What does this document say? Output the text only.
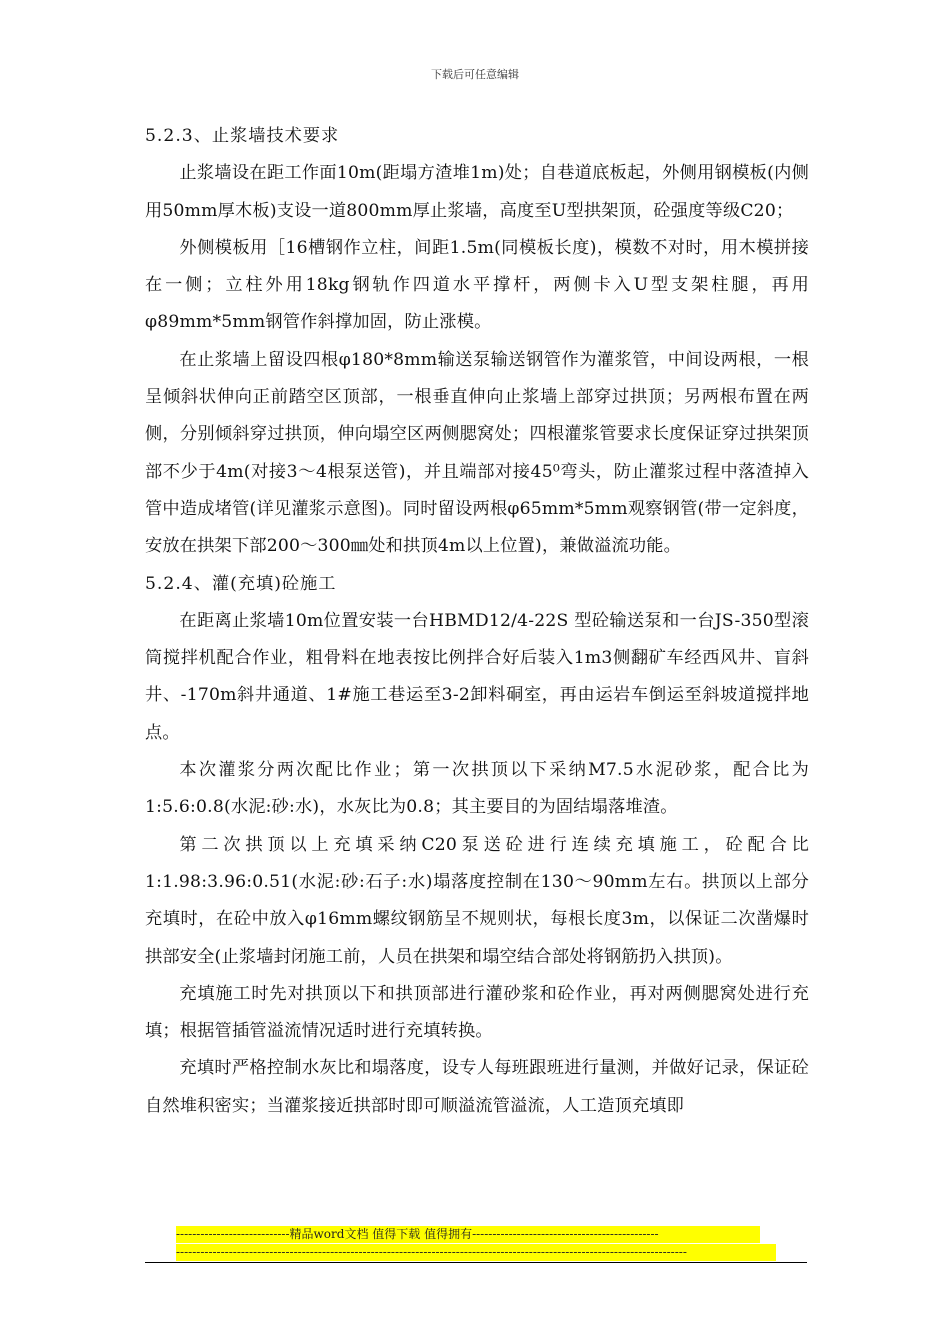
下载后可任意编辑

5.2.3、止浆墙技术要求

止浆墙设在距工作面10m(距塌方渣堆1m)处；自巷道底板起，外侧用钢模板(内侧用50mm厚木板)支设一道800mm厚止浆墙，高度至U型拱架顶，砼强度等级C20；

外侧模板用［16槽钢作立柱，间距1.5m(同模板长度)，模数不对时，用木模拼接在一侧；立柱外用18kg钢轨作四道水平撑杆，两侧卡入U型支架柱腿，再用φ89mm*5mm钢管作斜撑加固，防止涨模。

在止浆墙上留设四根φ180*8mm输送泵输送钢管作为灌浆管，中间设两根，一根呈倾斜状伸向正前踏空区顶部，一根垂直伸向止浆墙上部穿过拱顶；另两根布置在两侧，分别倾斜穿过拱顶，伸向塌空区两侧腮窝处；四根灌浆管要求长度保证穿过拱架顶部不少于4m(对接3～4根泵送管)，并且端部对接45⁰弯头，防止灌浆过程中落渣掉入管中造成堵管(详见灌浆示意图)。同时留设两根φ65mm*5mm观察钢管(带一定斜度，安放在拱架下部200～300㎜处和拱顶4m以上位置)，兼做溢流功能。

5.2.4、灌(充填)砼施工

在距离止浆墙10m位置安装一台HBMD12/4-22S 型砼输送泵和一台JS-350型滚筒搅拌机配合作业，粗骨料在地表按比例拌合好后装入1m3侧翻矿车经西风井、盲斜井、-170m斜井通道、1#施工巷运至3-2卸料硐室，再由运岩车倒运至斜坡道搅拌地点。

本次灌浆分两次配比作业；第一次拱顶以下采纳M7.5水泥砂浆，配合比为1:5.6:0.8(水泥:砂:水)，水灰比为0.8；其主要目的为固结塌落堆渣。

第二次拱顶以上充填采纳C20泵送砼进行连续充填施工，砼配合比1:1.98:3.96:0.51(水泥:砂:石子:水)塌落度控制在130～90mm左右。拱顶以上部分充填时，在砼中放入φ16mm螺纹钢筋呈不规则状，每根长度3m，以保证二次凿爆时拱部安全(止浆墙封闭施工前，人员在拱架和塌空结合部处将钢筋扔入拱顶)。

充填施工时先对拱顶以下和拱顶部进行灌砂浆和砼作业，再对两侧腮窝处进行充填；根据管插管溢流情况适时进行充填转换。

充填时严格控制水灰比和塌落度，设专人每班跟班进行量测，并做好记录，保证砼自然堆积密实；当灌浆接近拱部时即可顺溢流管溢流，人工造顶充填即

----------------------------精品word文档 值得下载 值得拥有----------------------------------------------
------------------------------------------------------------------------------------------------------------------------------
